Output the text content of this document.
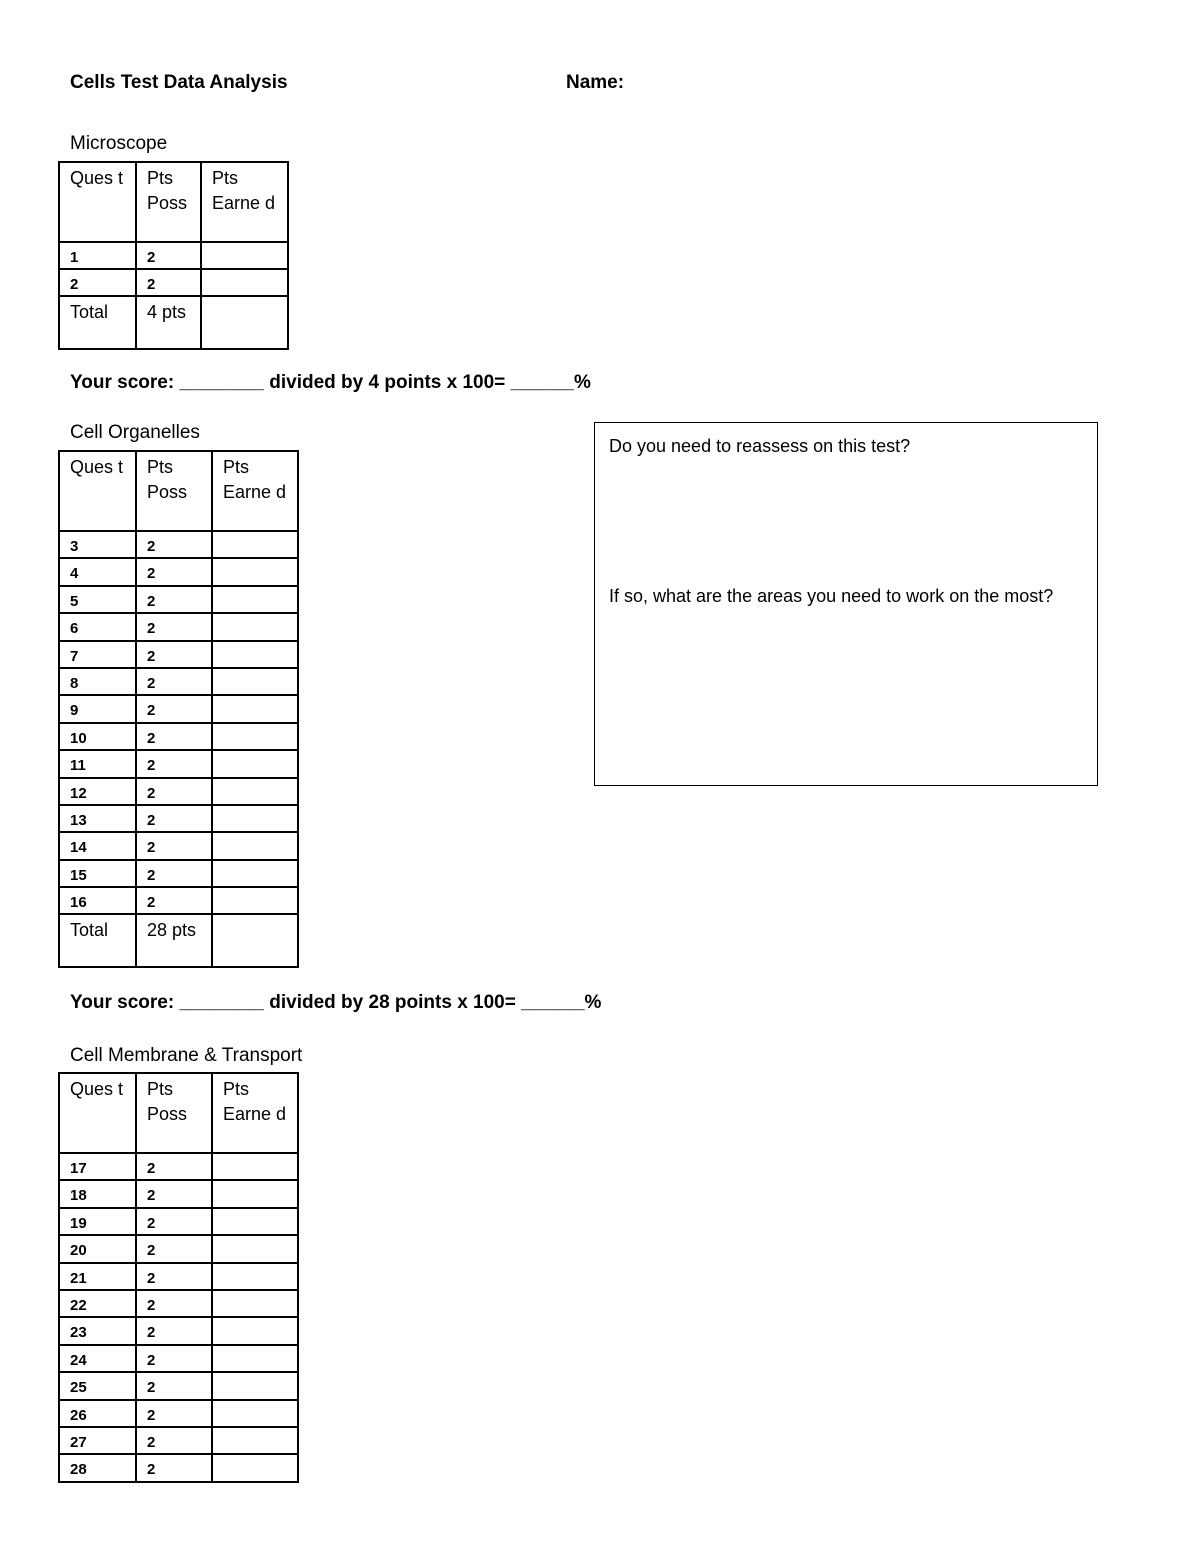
Cells Test Data Analysis	Name:
Microscope
Ques t	Pts Poss	Pts Earne d
1	2	
2	2	
Total	4 pts	
Your score: ________ divided by 4 points x 100= ______%
Cell Organelles
Ques t	Pts Poss	Pts Earne d
3	2	
4	2	
5	2	
6	2	
7	2	
8	2	
9	2	
10	2	
11	2	
12	2	
13	2	
14	2	
15	2	
16	2	
Total	28 pts	
Your score: ________ divided by 28 points x 100= ______%
Cell Membrane & Transport
Ques t	Pts Poss	Pts Earne d
17	2	
18	2	
19	2	
20	2	
21	2	
22	2	
23	2	
24	2	
25	2	
26	2	
27	2	
28	2	
Do you need to reassess on this test?
If so, what are the areas you need to work on the most?
